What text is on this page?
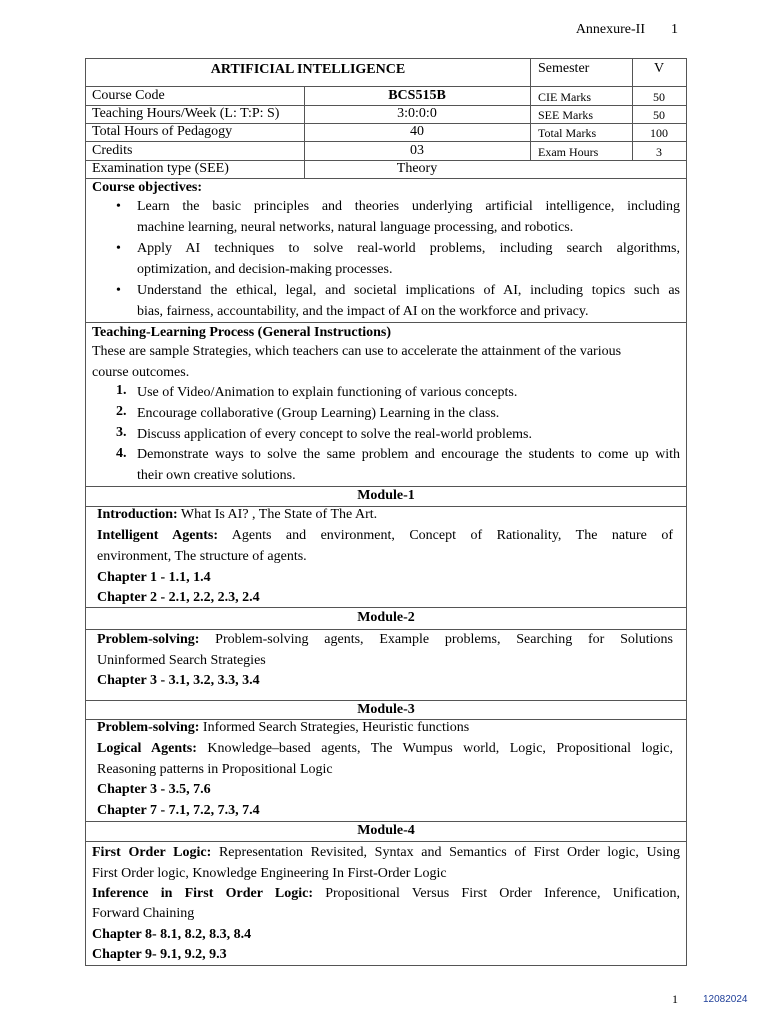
Annexure-II 1
ARTIFICIAL INTELLIGENCE	Semester	V
Course Code	BCS515B	CIE Marks	50
Teaching Hours/Week (L: T:P: S)	3:0:0:0	SEE Marks	50
Total Hours of Pedagogy	40	Total Marks	100
Credits	03	Exam Hours	3
Examination type (SEE)	Theory
Course objectives:
• Learn the basic principles and theories underlying artificial intelligence, including
machine learning, neural networks, natural language processing, and robotics.
• Apply AI techniques to solve real-world problems, including search algorithms,
optimization, and decision-making processes.
• Understand the ethical, legal, and societal implications of AI, including topics such as
bias, fairness, accountability, and the impact of AI on the workforce and privacy.
Teaching-Learning Process (General Instructions)
These are sample Strategies, which teachers can use to accelerate the attainment of the various
course outcomes.
1. Use of Video/Animation to explain functioning of various concepts.
2. Encourage collaborative (Group Learning) Learning in the class.
3. Discuss application of every concept to solve the real-world problems.
4. Demonstrate ways to solve the same problem and encourage the students to come up with
their own creative solutions.
Module-1
Introduction: What Is AI? , The State of The Art.
Intelligent Agents: Agents and environment, Concept of Rationality, The nature of
environment, The structure of agents.
Chapter 1 - 1.1, 1.4
Chapter 2 - 2.1, 2.2, 2.3, 2.4
Module-2
Problem-solving: Problem-solving agents, Example problems, Searching for Solutions
Uninformed Search Strategies
Chapter 3 - 3.1, 3.2, 3.3, 3.4
Module-3
Problem-solving: Informed Search Strategies, Heuristic functions
Logical Agents: Knowledge–based agents, The Wumpus world, Logic, Propositional logic,
Reasoning patterns in Propositional Logic
Chapter 3 - 3.5, 7.6
Chapter 7 - 7.1, 7.2, 7.3, 7.4
Module-4
First Order Logic: Representation Revisited, Syntax and Semantics of First Order logic, Using
First Order logic, Knowledge Engineering In First-Order Logic
Inference in First Order Logic: Propositional Versus First Order Inference, Unification,
Forward Chaining
Chapter 8- 8.1, 8.2, 8.3, 8.4
Chapter 9- 9.1, 9.2, 9.3
1	12082024
